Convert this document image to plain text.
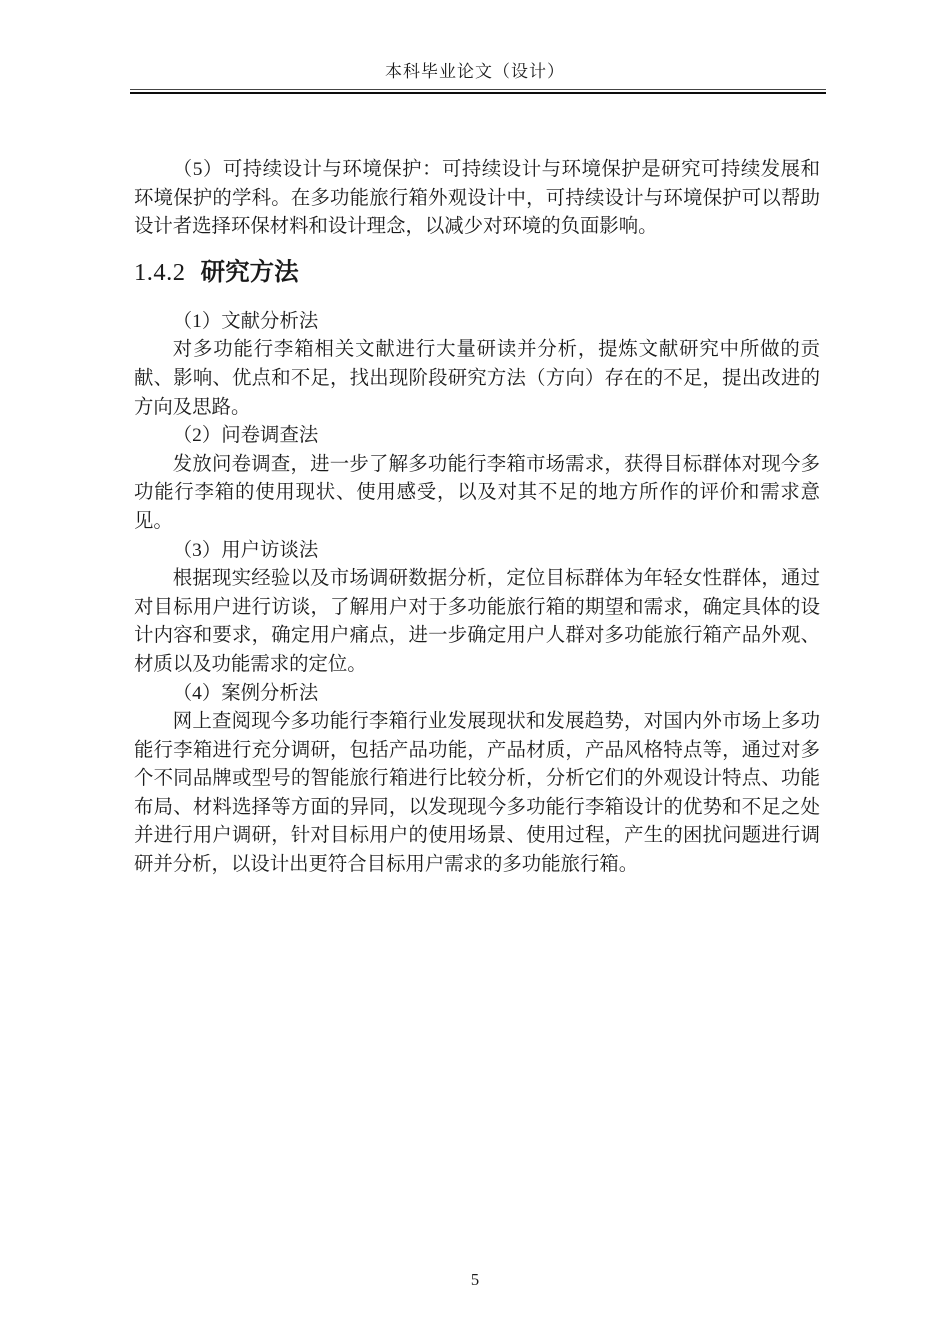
本科毕业论文（设计）

（5）可持续设计与环境保护：可持续设计与环境保护是研究可持续发展和环境保护的学科。在多功能旅行箱外观设计中，可持续设计与环境保护可以帮助设计者选择环保材料和设计理念，以减少对环境的负面影响。

1.4.2 研究方法

（1）文献分析法

对多功能行李箱相关文献进行大量研读并分析，提炼文献研究中所做的贡献、影响、优点和不足，找出现阶段研究方法（方向）存在的不足，提出改进的方向及思路。

（2）问卷调查法

发放问卷调查，进一步了解多功能行李箱市场需求，获得目标群体对现今多功能行李箱的使用现状、使用感受，以及对其不足的地方所作的评价和需求意见。

（3）用户访谈法

根据现实经验以及市场调研数据分析，定位目标群体为年轻女性群体，通过对目标用户进行访谈，了解用户对于多功能旅行箱的期望和需求，确定具体的设计内容和要求，确定用户痛点，进一步确定用户人群对多功能旅行箱产品外观、材质以及功能需求的定位。

（4）案例分析法

网上查阅现今多功能行李箱行业发展现状和发展趋势，对国内外市场上多功能行李箱进行充分调研，包括产品功能，产品材质，产品风格特点等，通过对多个不同品牌或型号的智能旅行箱进行比较分析，分析它们的外观设计特点、功能布局、材料选择等方面的异同，以发现现今多功能行李箱设计的优势和不足之处并进行用户调研，针对目标用户的使用场景、使用过程，产生的困扰问题进行调研并分析，以设计出更符合目标用户需求的多功能旅行箱。

5
